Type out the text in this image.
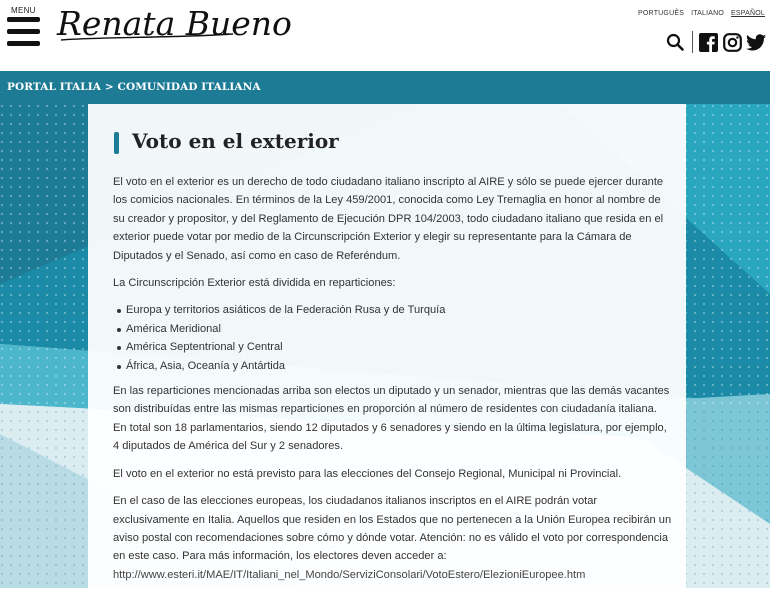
MENU Renata Bueno	PORTUGUÊS ITALIANO ESPAÑOL
PORTAL ITALIA > COMUNIDAD ITALIANA
Voto en el exterior

El voto en el exterior es un derecho de todo ciudadano italiano inscripto al AIRE y sólo se puede ejercer durante los comicios nacionales. En términos de la Ley 459/2001, conocida como Ley Tremaglia en honor al nombre de su creador y propositor, y del Reglamento de Ejecución DPR 104/2003, todo ciudadano italiano que resida en el exterior puede votar por medio de la Circunscripción Exterior y elegir su representante para la Cámara de Diputados y el Senado, así como en caso de Referéndum.

La Circunscripción Exterior está dividida en reparticiones:

Europa y territorios asiáticos de la Federación Rusa y de Turquía
América Meridional
América Septentrional y Central
África, Asia, Oceanía y Antártida

En las reparticiones mencionadas arriba son electos un diputado y un senador, mientras que las demás vacantes son distribuídas entre las mismas reparticiones en proporción al número de residentes con ciudadanía italiana. En total son 18 parlamentarios, siendo 12 diputados y 6 senadores y siendo en la última legislatura, por ejemplo, 4 diputados de América del Sur y 2 senadores.

El voto en el exterior no está previsto para las elecciones del Consejo Regional, Municipal ni Provincial.

En el caso de las elecciones europeas, los ciudadanos italianos inscriptos en el AIRE podrán votar exclusivamente en Italia. Aquellos que residen en los Estados que no pertenecen a la Unión Europea recibirán un aviso postal con recomendaciones sobre cómo y dónde votar. Atención: no es válido el voto por correspondencia en este caso. Para más información, los electores deven acceder a:
http://www.esteri.it/MAE/IT/Italiani_nel_Mondo/ServiziConsolari/VotoEstero/ElezioniEuropee.htm
